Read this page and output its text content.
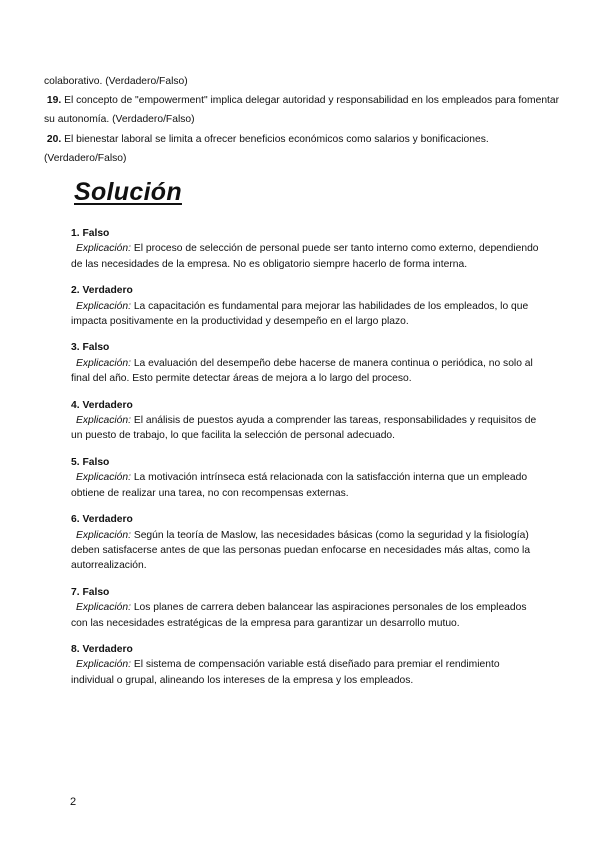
colaborativo. (Verdadero/Falso)

19. El concepto de "empowerment" implica delegar autoridad y responsabilidad en los empleados para fomentar su autonomía. (Verdadero/Falso)

20. El bienestar laboral se limita a ofrecer beneficios económicos como salarios y bonificaciones. (Verdadero/Falso)

Solución
1. Falso

Explicación: El proceso de selección de personal puede ser tanto interno como externo, dependiendo de las necesidades de la empresa. No es obligatorio siempre hacerlo de forma interna.

2. Verdadero

Explicación: La capacitación es fundamental para mejorar las habilidades de los empleados, lo que impacta positivamente en la productividad y desempeño en el largo plazo.

3. Falso

Explicación: La evaluación del desempeño debe hacerse de manera continua o periódica, no solo al final del año. Esto permite detectar áreas de mejora a lo largo del proceso.

4. Verdadero

Explicación: El análisis de puestos ayuda a comprender las tareas, responsabilidades y requisitos de un puesto de trabajo, lo que facilita la selección de personal adecuado.

5. Falso

Explicación: La motivación intrínseca está relacionada con la satisfacción interna que un empleado obtiene de realizar una tarea, no con recompensas externas.

6. Verdadero

Explicación: Según la teoría de Maslow, las necesidades básicas (como la seguridad y la fisiología) deben satisfacerse antes de que las personas puedan enfocarse en necesidades más altas, como la autorrealización.

7. Falso

Explicación: Los planes de carrera deben balancear las aspiraciones personales de los empleados con las necesidades estratégicas de la empresa para garantizar un desarrollo mutuo.

8. Verdadero

Explicación: El sistema de compensación variable está diseñado para premiar el rendimiento individual o grupal, alineando los intereses de la empresa y los empleados.

2
